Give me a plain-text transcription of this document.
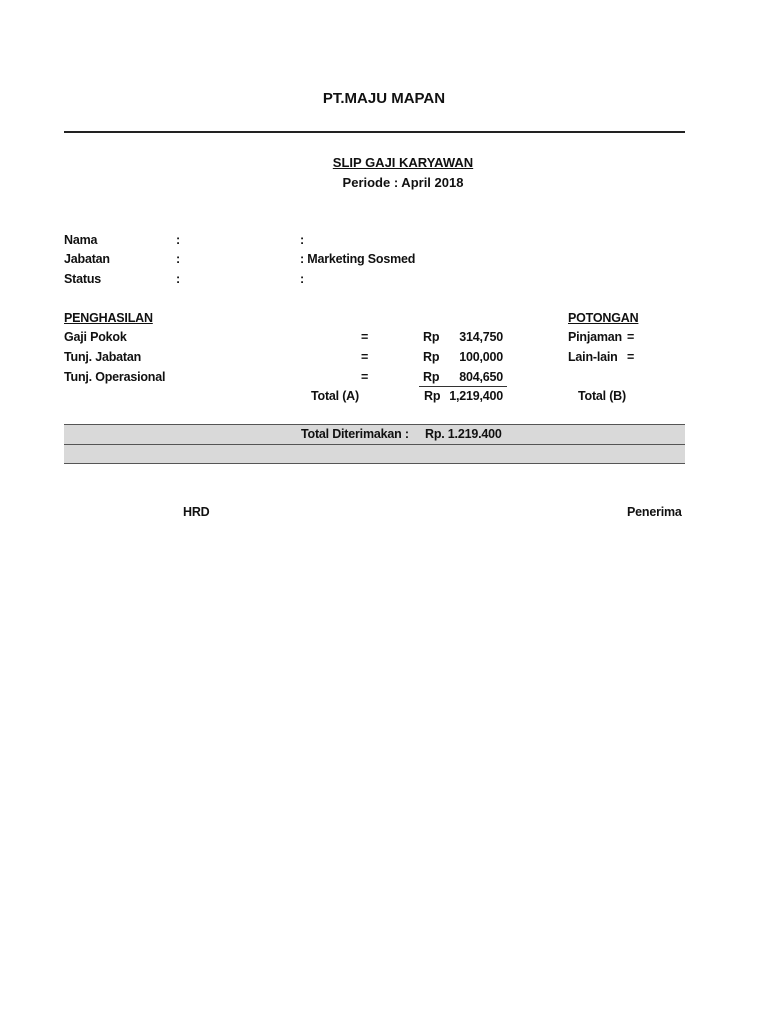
PT.MAJU MAPAN
SLIP GAJI KARYAWAN
Periode : April 2018
Nama	:	:
Jabatan	:	: Marketing Sosmed
Status	:	:
PENGHASILAN
Gaji Pokok	=	Rp	314,750
Tunj. Jabatan	=	Rp	100,000
Tunj. Operasional	=	Rp	804,650
Total (A)	Rp 1,219,400
POTONGAN
Pinjaman =
Lain-lain =
Total (B)
Total Diterimakan : Rp. 1.219.400
HRD	Penerima
